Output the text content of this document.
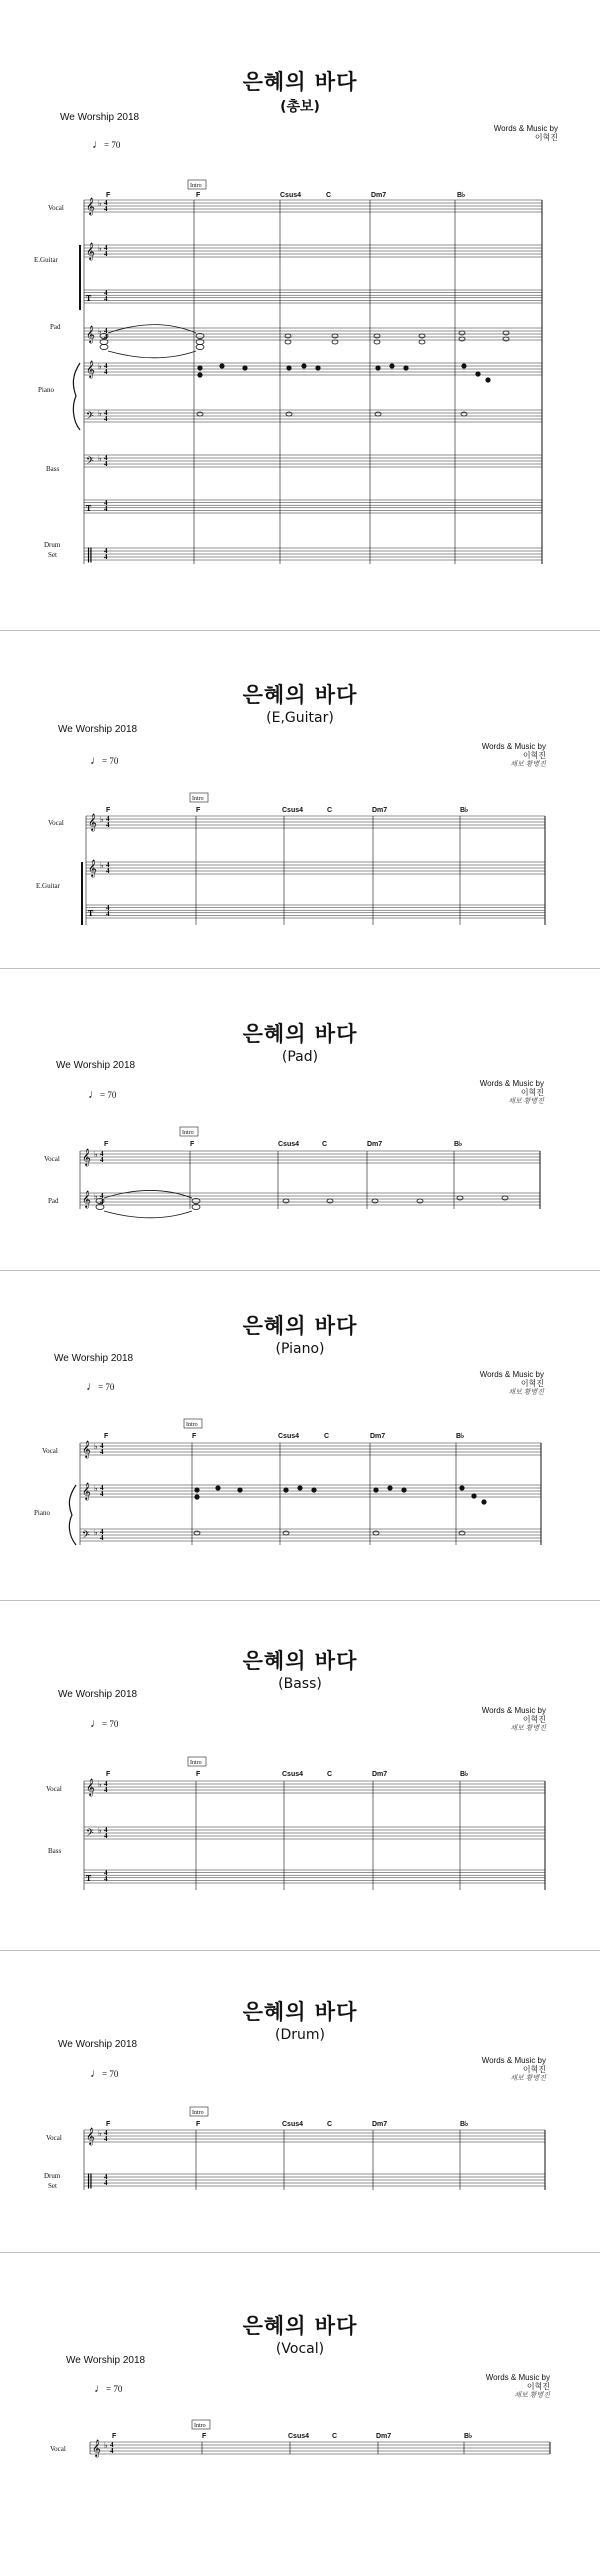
은혜의 바다
(총보)
We Worship 2018
Words & Music by
이혁진
♩= 70
Intro
F	F	Csus4	C	Dm7	B♭
Vocal
E.Guitar
Pad
Piano
Bass
Drum
Set
𝄞 ♭
4
4
𝄞 ♭
4
4
T 4
4
𝄞 ♭
4
4
𝄞 ♭
4
4
𝄢 ♭
4
4
𝄢 ♭
4
4
T 4
4
‖ 4
4
은혜의 바다
(E,Guitar)
We Worship 2018
Words & Music by
이혁진
채보 황병진
♩= 70
Intro
F	F	Csus4	C	Dm7	B♭
Vocal
E.Guitar
𝄞 ♭
4
4
𝄞 ♭
4
4
T 4
4
은혜의 바다
(Pad)
We Worship 2018
Words & Music by
이혁진
채보 황병진
♩= 70
Intro
F	F	Csus4	C	Dm7	B♭
Vocal
Pad
𝄞 ♭
4
4
𝄞 ♭
4
4
은혜의 바다
(Piano)
We Worship 2018
Words & Music by
이혁진
채보 황병진
♩= 70
Intro
F	F	Csus4	C	Dm7	B♭
Vocal
Piano
𝄞 ♭
4
4
𝄞 ♭
4
4
𝄢 ♭
4
4
은혜의 바다
(Bass)
We Worship 2018
Words & Music by
이혁진
채보 황병진
♩= 70
Intro
F	F	Csus4	C	Dm7	B♭
Vocal
Bass
𝄞 ♭
4
4
𝄢 ♭
4
4
T 4
4
은혜의 바다
(Drum)
We Worship 2018
Words & Music by
이혁진
채보 황병진
♩= 70
Intro
F	F	Csus4	C	Dm7	B♭
Vocal
Drum
Set
𝄞 ♭
4
4
‖ 4
4
은혜의 바다
(Vocal)
We Worship 2018
Words & Music by
이혁진
채보 황병진
♩= 70
Intro
F	F	Csus4	C	Dm7	B♭
Vocal 𝄞 ♭
4
4
